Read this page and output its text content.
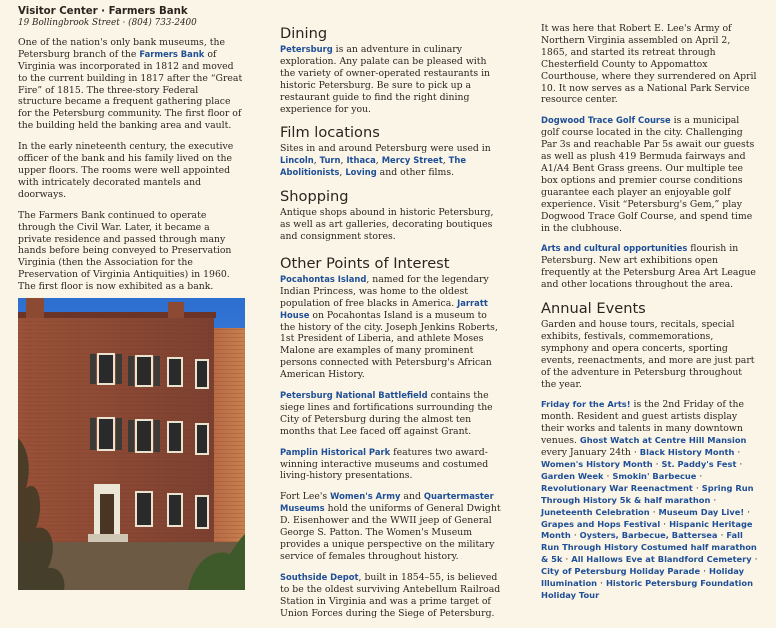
Visitor Center · Farmers Bank
19 Bollingbrook Street · (804) 733-2400

One of the nation's only bank museums, the Petersburg branch of the Farmers Bank of Virginia was incorporated in 1812 and moved to the current building in 1817 after the “Great Fire” of 1815. The three-story Federal structure became a frequent gathering place for the Petersburg community. The first floor of the building held the banking area and vault.

In the early nineteenth century, the executive officer of the bank and his family lived on the upper floors. The rooms were well appointed with intricately decorated mantels and doorways.

The Farmers Bank continued to operate through the Civil War. Later, it became a private residence and passed through many hands before being conveyed to Preservation Virginia (then the Association for the Preservation of Virginia Antiquities) in 1960. The first floor is now exhibited as a bank.

Dining

Petersburg is an adventure in culinary exploration. Any palate can be pleased with the variety of owner-operated restaurants in historic Petersburg. Be sure to pick up a restaurant guide to find the right dining experience for you.

Film locations

Sites in and around Petersburg were used in Lincoln, Turn, Ithaca, Mercy Street, The Abolitionists, Loving and other films.

Shopping

Antique shops abound in historic Petersburg, as well as art galleries, decorating boutiques and consignment stores.

Other Points of Interest

Pocahontas Island, named for the legendary Indian Princess, was home to the oldest population of free blacks in America. Jarratt House on Pocahontas Island is a museum to the history of the city. Joseph Jenkins Roberts, 1st President of Liberia, and athlete Moses Malone are examples of many prominent persons connected with Petersburg's African American History.

Petersburg National Battlefield contains the siege lines and fortifications surrounding the City of Petersburg during the almost ten months that Lee faced off against Grant.

Pamplin Historical Park features two award-winning interactive museums and costumed living-history presentations.

Fort Lee's Women's Army and Quartermaster Museums hold the uniforms of General Dwight D. Eisenhower and the WWII jeep of General George S. Patton. The Women's Museum provides a unique perspective on the military service of females throughout history.

Southside Depot, built in 1854–55, is believed to be the oldest surviving Antebellum Railroad Station in Virginia and was a prime target of Union Forces during the Siege of Petersburg.

It was here that Robert E. Lee's Army of Northern Virginia assembled on April 2, 1865, and started its retreat through Chesterfield County to Appomattox Courthouse, where they surrendered on April 10. It now serves as a National Park Service resource center.

Dogwood Trace Golf Course is a municipal golf course located in the city. Challenging Par 3s and reachable Par 5s await our guests as well as plush 419 Bermuda fairways and A1/A4 Bent Grass greens. Our multiple tee box options and premier course conditions guarantee each player an enjoyable golf experience. Visit “Petersburg's Gem,” play Dogwood Trace Golf Course, and spend time in the clubhouse.

Arts and cultural opportunities flourish in Petersburg. New art exhibitions open frequently at the Petersburg Area Art League and other locations throughout the area.

Annual Events

Garden and house tours, recitals, special exhibits, festivals, commemorations, symphony and opera concerts, sporting events, reenactments, and more are just part of the adventure in Petersburg throughout the year.

Friday for the Arts! is the 2nd Friday of the month. Resident and guest artists display their works and talents in many downtown venues. Ghost Watch at Centre Hill Mansion every January 24th · Black History Month · Women's History Month · St. Paddy's Fest · Garden Week · Smokin' Barbecue · Revolutionary War Reenactment · Spring Run Through History 5k & half marathon · Juneteenth Celebration · Museum Day Live! · Grapes and Hops Festival · Hispanic Heritage Month · Oysters, Barbecue, Battersea · Fall Run Through History Costumed half marathon & 5k · All Hallows Eve at Blandford Cemetery · City of Petersburg Holiday Parade · Holiday Illumination · Historic Petersburg Foundation Holiday Tour
